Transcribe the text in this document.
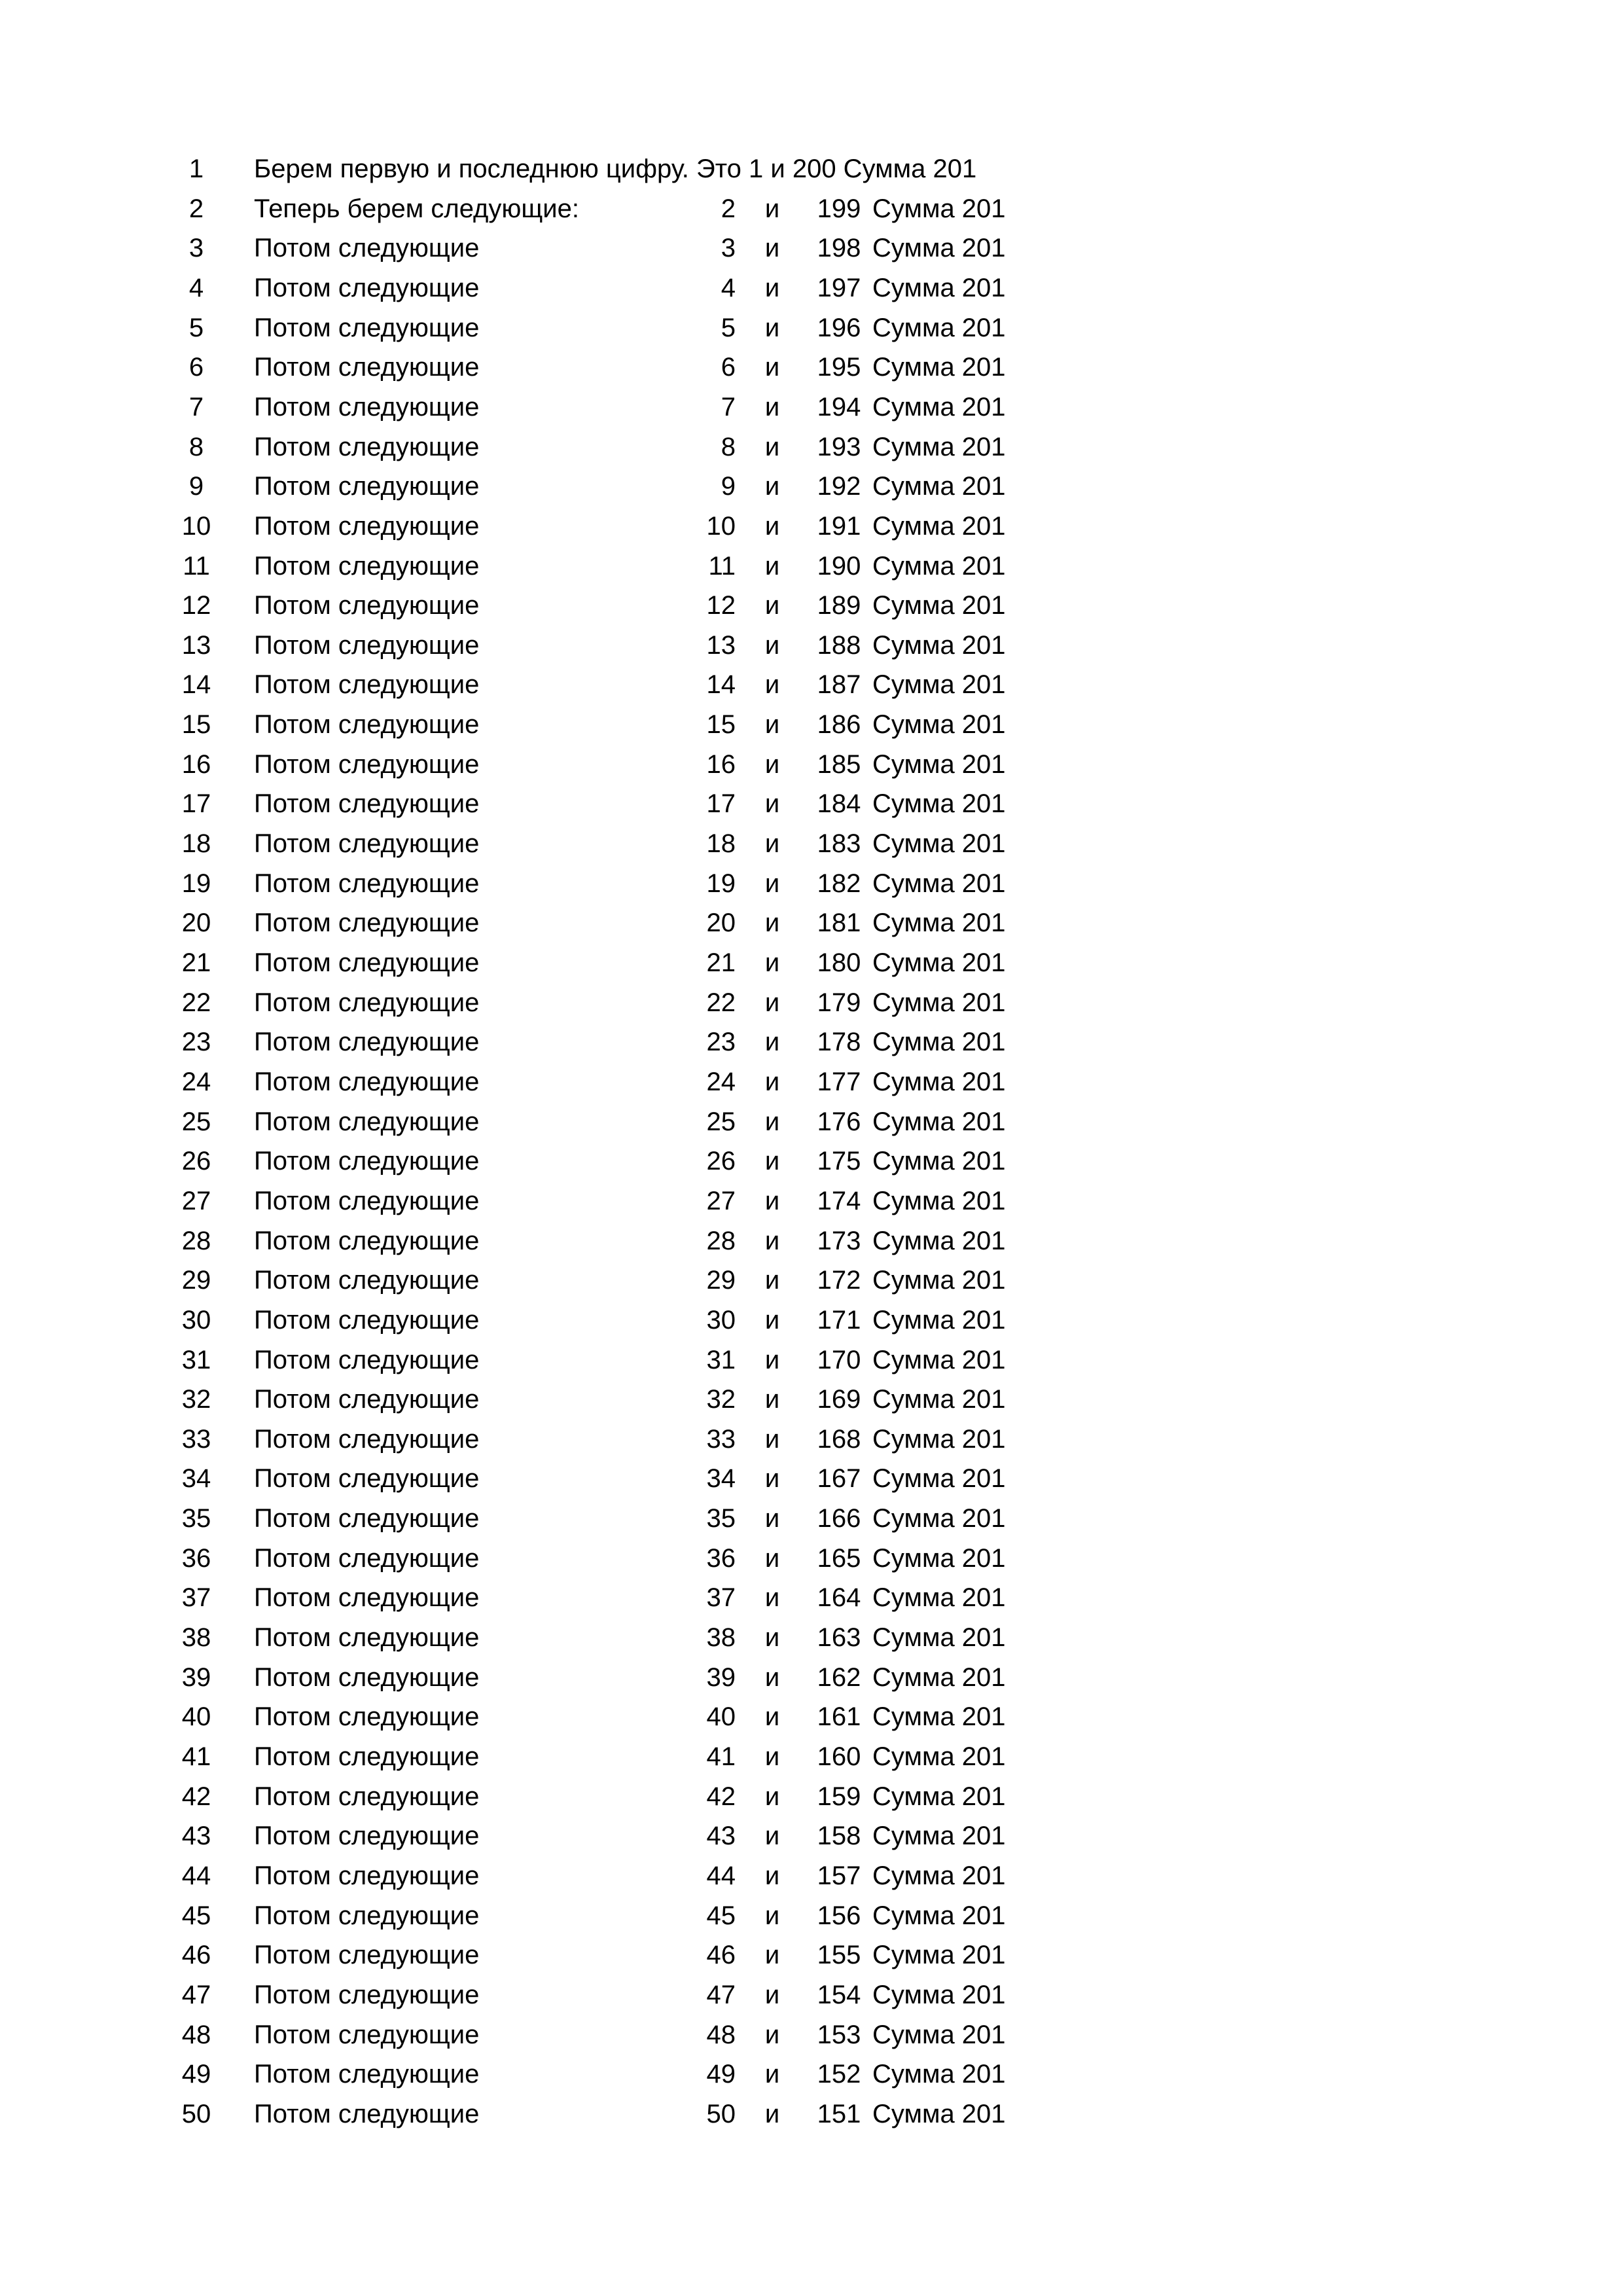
1	Берем первую и последнюю цифру. Это 1 и 200 Сумма 201
2	Теперь берем следующие:	2	и	199 Сумма 201
3	Потом следующие	3	и	198 Сумма 201
4	Потом следующие	4	и	197 Сумма 201
5	Потом следующие	5	и	196 Сумма 201
6	Потом следующие	6	и	195 Сумма 201
7	Потом следующие	7	и	194 Сумма 201
8	Потом следующие	8	и	193 Сумма 201
9	Потом следующие	9	и	192 Сумма 201
10	Потом следующие	10	и	191 Сумма 201
11	Потом следующие	11	и	190 Сумма 201
12	Потом следующие	12	и	189 Сумма 201
13	Потом следующие	13	и	188 Сумма 201
14	Потом следующие	14	и	187 Сумма 201
15	Потом следующие	15	и	186 Сумма 201
16	Потом следующие	16	и	185 Сумма 201
17	Потом следующие	17	и	184 Сумма 201
18	Потом следующие	18	и	183 Сумма 201
19	Потом следующие	19	и	182 Сумма 201
20	Потом следующие	20	и	181 Сумма 201
21	Потом следующие	21	и	180 Сумма 201
22	Потом следующие	22	и	179 Сумма 201
23	Потом следующие	23	и	178 Сумма 201
24	Потом следующие	24	и	177 Сумма 201
25	Потом следующие	25	и	176 Сумма 201
26	Потом следующие	26	и	175 Сумма 201
27	Потом следующие	27	и	174 Сумма 201
28	Потом следующие	28	и	173 Сумма 201
29	Потом следующие	29	и	172 Сумма 201
30	Потом следующие	30	и	171 Сумма 201
31	Потом следующие	31	и	170 Сумма 201
32	Потом следующие	32	и	169 Сумма 201
33	Потом следующие	33	и	168 Сумма 201
34	Потом следующие	34	и	167 Сумма 201
35	Потом следующие	35	и	166 Сумма 201
36	Потом следующие	36	и	165 Сумма 201
37	Потом следующие	37	и	164 Сумма 201
38	Потом следующие	38	и	163 Сумма 201
39	Потом следующие	39	и	162 Сумма 201
40	Потом следующие	40	и	161 Сумма 201
41	Потом следующие	41	и	160 Сумма 201
42	Потом следующие	42	и	159 Сумма 201
43	Потом следующие	43	и	158 Сумма 201
44	Потом следующие	44	и	157 Сумма 201
45	Потом следующие	45	и	156 Сумма 201
46	Потом следующие	46	и	155 Сумма 201
47	Потом следующие	47	и	154 Сумма 201
48	Потом следующие	48	и	153 Сумма 201
49	Потом следующие	49	и	152 Сумма 201
50	Потом следующие	50	и	151 Сумма 201
